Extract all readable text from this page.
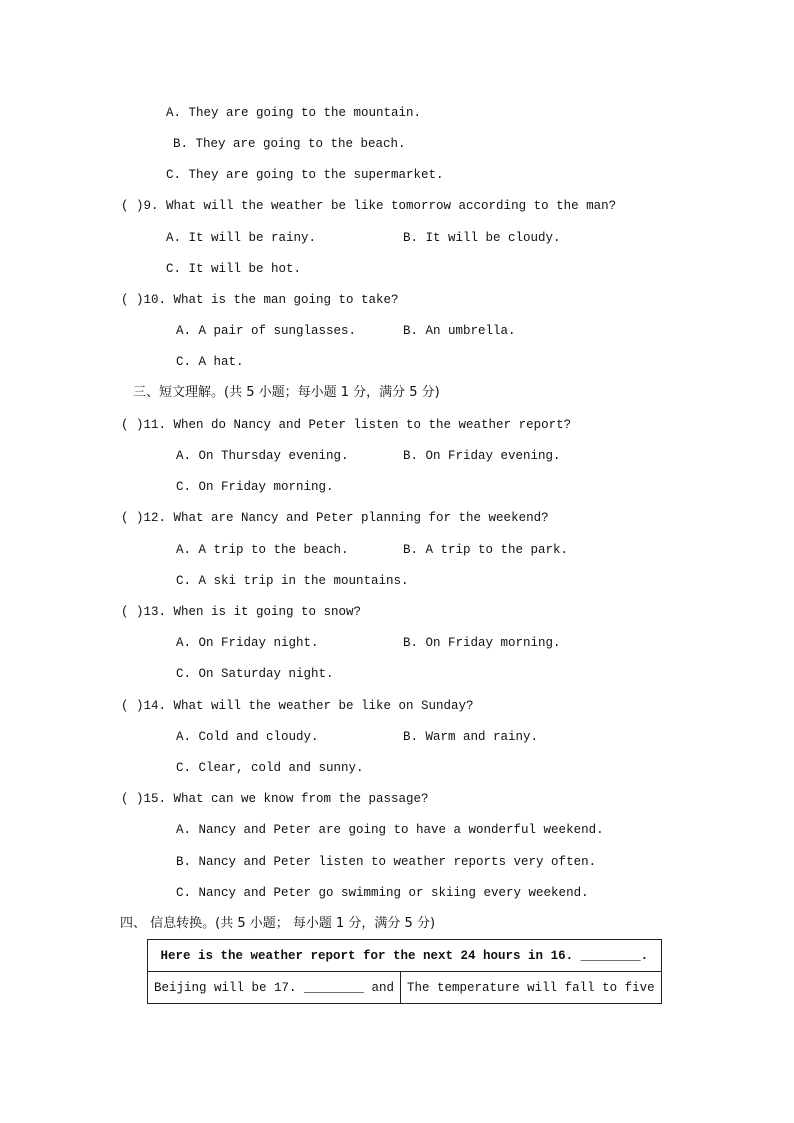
A. They are going to the mountain.
B. They are going to the beach.
C. They are going to the supermarket.
( )9. What will the weather be like tomorrow according to the man?
A. It will be rainy.	B. It will be cloudy.
C. It will be hot.
( )10. What is the man going to take?
A. A pair of sunglasses.	B. An umbrella.
C. A hat.
三、短文理解。(共 5 小题；每小题 1 分，满分 5 分)
( )11. When do Nancy and Peter listen to the weather report?
A. On Thursday evening.	B. On Friday evening.
C. On Friday morning.
( )12. What are Nancy and Peter planning for the weekend?
A. A trip to the beach.	B. A trip to the park.
C. A ski trip in the mountains.
( )13. When is it going to snow?
A. On Friday night.	B. On Friday morning.
C. On Saturday night.
( )14. What will the weather be like on Sunday?
A. Cold and cloudy.	B. Warm and rainy.
C. Clear, cold and sunny.
( )15. What can we know from the passage?
A. Nancy and Peter are going to have a wonderful weekend.
B. Nancy and Peter listen to weather reports very often.
C. Nancy and Peter go swimming or skiing every weekend.
四、 信息转换。(共 5 小题； 每小题 1 分，满分 5 分)
Here is the weather report for the next 24 hours in 16. ________.
Beijing will be 17. ________ and	The temperature will fall to five
